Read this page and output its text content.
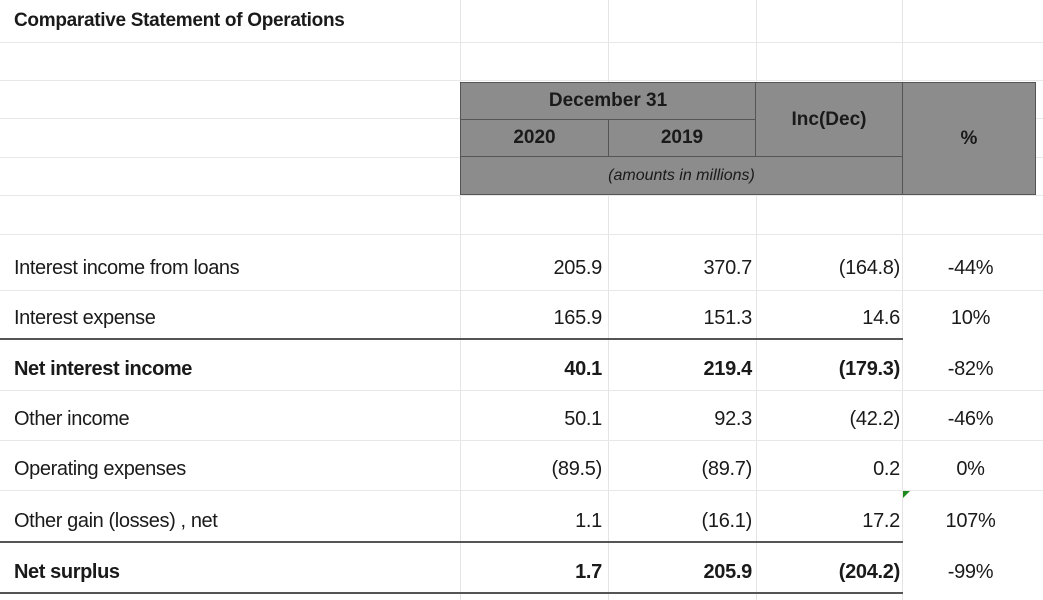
Comparative Statement of Operations
December 31
2020	2019
Inc(Dec)
%
(amounts in millions)
Interest income from loans	205.9	370.7	(164.8)	-44%
Interest expense	165.9	151.3	14.6	10%
Net interest income	40.1	219.4	(179.3)	-82%
Other income	50.1	92.3	(42.2)	-46%
Operating expenses	(89.5)	(89.7)	0.2	0%
Other gain (losses) , net	1.1	(16.1)	17.2	107%
Net surplus	1.7	205.9	(204.2)	-99%
